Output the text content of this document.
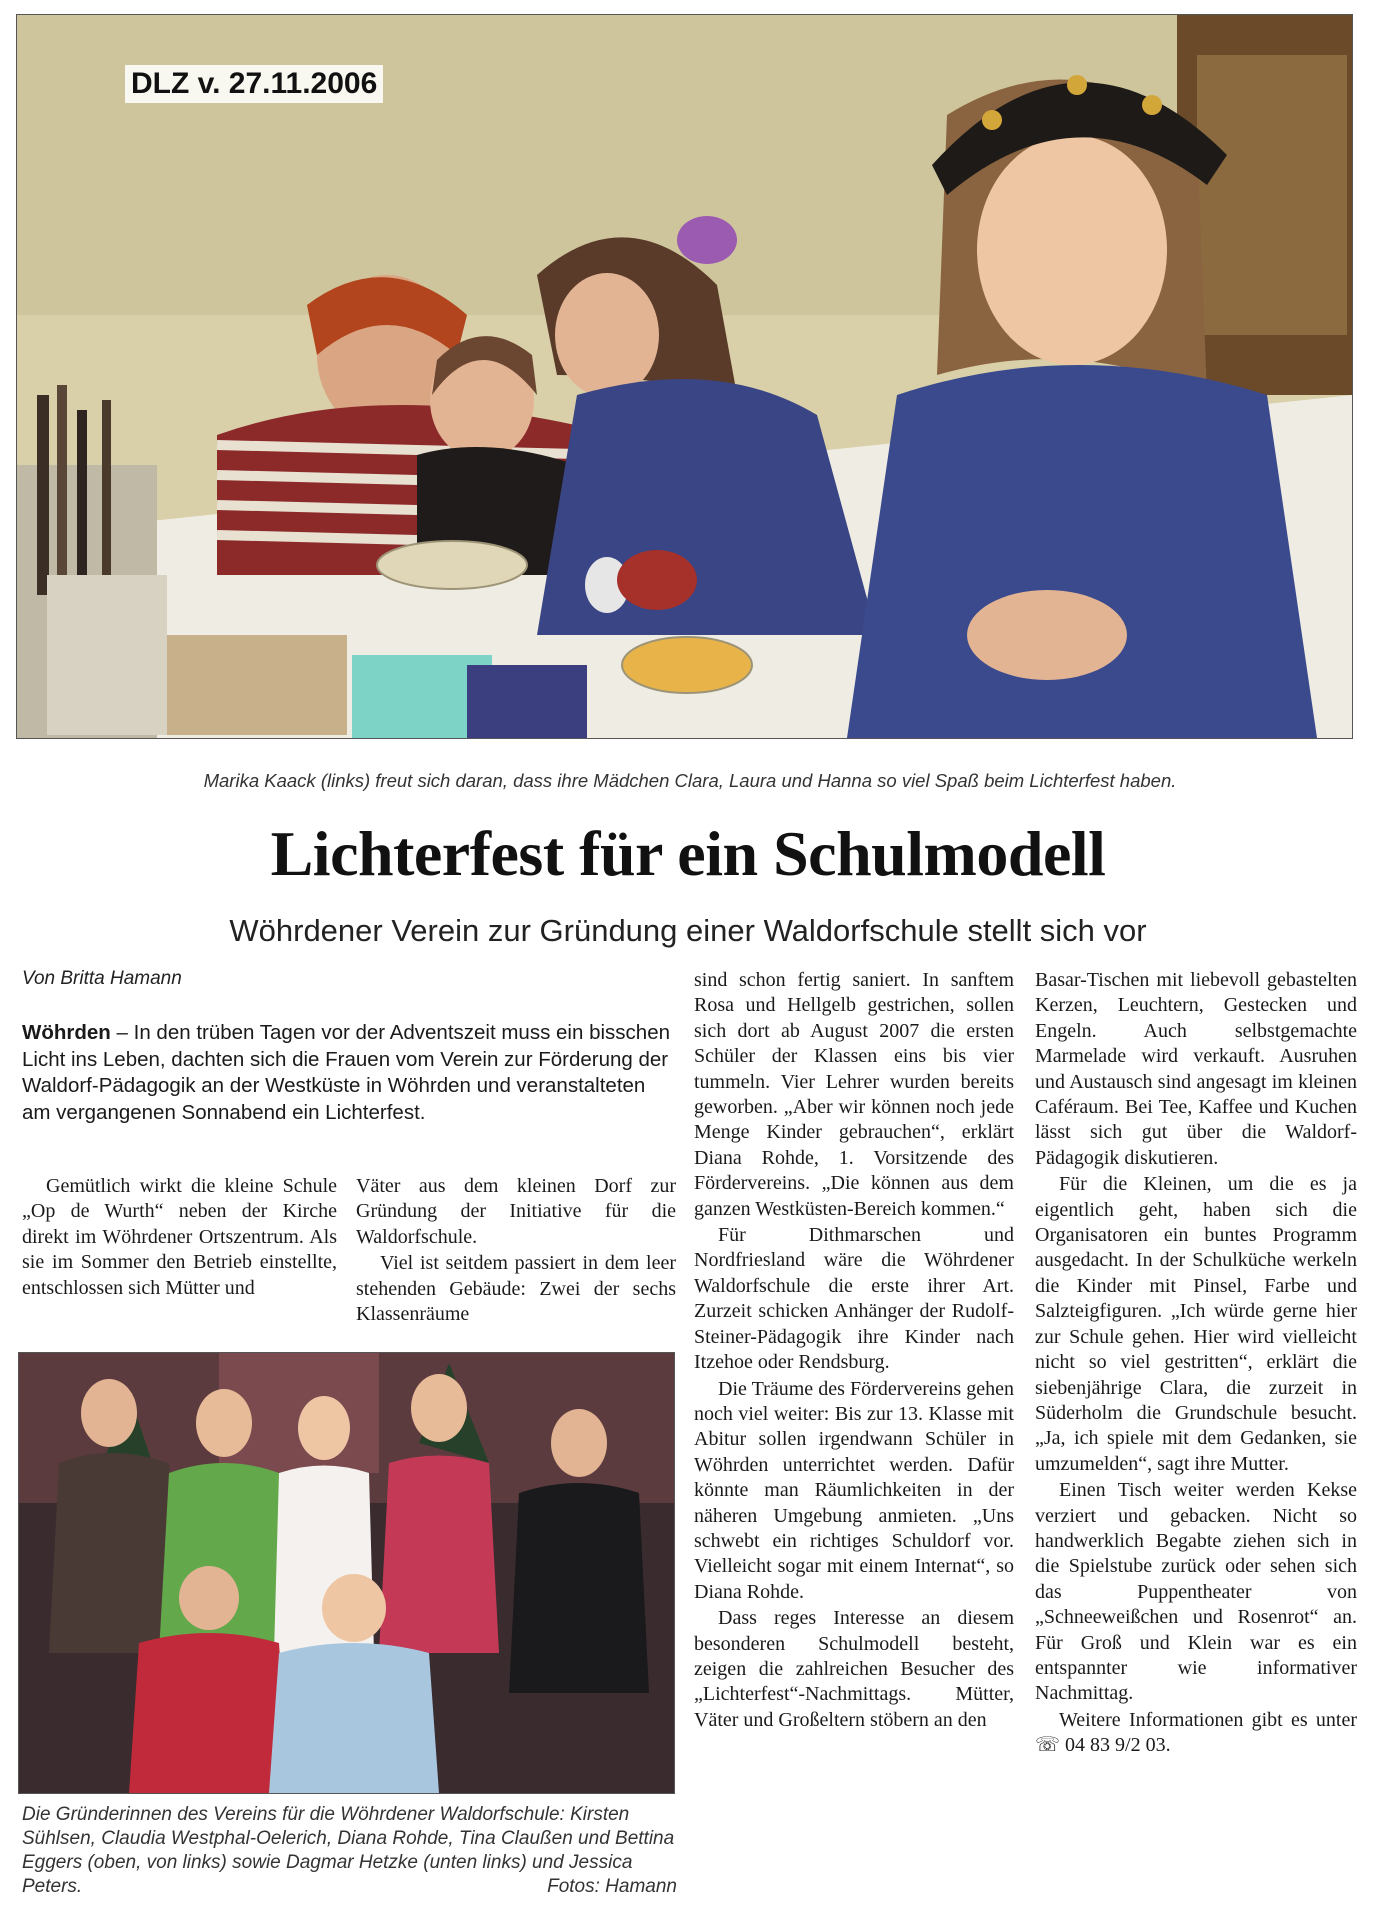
DLZ v. 27.11.2006
Marika Kaack (links) freut sich daran, dass ihre Mädchen Clara, Laura und Hanna so viel Spaß beim Lichterfest haben.
Lichterfest für ein Schulmodell
Wöhrdener Verein zur Gründung einer Waldorfschule stellt sich vor
Von Britta Hamann
Wöhrden – In den trüben Tagen vor der Adventszeit muss ein bisschen Licht ins Leben, dachten sich die Frauen vom Verein zur Förderung der Waldorf-Pädagogik an der Westküste in Wöhrden und veranstalteten am vergangenen Sonnabend ein Lichterfest.

Gemütlich wirkt die kleine Schule „Op de Wurth“ neben der Kirche direkt im Wöhrdener Ortszentrum. Als sie im Sommer den Betrieb einstellte, entschlossen sich Mütter und

Väter aus dem kleinen Dorf zur Gründung der Initiative für die Waldorfschule.

Viel ist seitdem passiert in dem leer stehenden Gebäude: Zwei der sechs Klassenräume

Die Gründerinnen des Vereins für die Wöhrdener Waldorfschule: Kirsten Sühlsen, Claudia Westphal-Oelerich, Diana Rohde, Tina Claußen und Bettina Eggers (oben, von links) sowie Dagmar Hetzke (unten links) und Jessica Peters.	Fotos: Hamann

sind schon fertig saniert. In sanftem Rosa und Hellgelb gestrichen, sollen sich dort ab August 2007 die ersten Schüler der Klassen eins bis vier tummeln. Vier Lehrer wurden bereits geworben. „Aber wir können noch jede Menge Kinder gebrauchen“, erklärt Diana Rohde, 1. Vorsitzende des Fördervereins. „Die können aus dem ganzen Westküsten-Bereich kommen.“

Für Dithmarschen und Nordfriesland wäre die Wöhrdener Waldorfschule die erste ihrer Art. Zurzeit schicken Anhänger der Rudolf-Steiner-Pädagogik ihre Kinder nach Itzehoe oder Rendsburg.

Die Träume des Fördervereins gehen noch viel weiter: Bis zur 13. Klasse mit Abitur sollen irgendwann Schüler in Wöhrden unterrichtet werden. Dafür könnte man Räumlichkeiten in der näheren Umgebung anmieten. „Uns schwebt ein richtiges Schuldorf vor. Vielleicht sogar mit einem Internat“, so Diana Rohde.

Dass reges Interesse an diesem besonderen Schulmodell besteht, zeigen die zahlreichen Besucher des „Lichterfest“-Nachmittags. Mütter, Väter und Großeltern stöbern an den

Basar-Tischen mit liebevoll gebastelten Kerzen, Leuchtern, Gestecken und Engeln. Auch selbstgemachte Marmelade wird verkauft. Ausruhen und Austausch sind angesagt im kleinen Caféraum. Bei Tee, Kaffee und Kuchen lässt sich gut über die Waldorf-Pädagogik diskutieren.

Für die Kleinen, um die es ja eigentlich geht, haben sich die Organisatoren ein buntes Programm ausgedacht. In der Schulküche werkeln die Kinder mit Pinsel, Farbe und Salzteigfiguren. „Ich würde gerne hier zur Schule gehen. Hier wird vielleicht nicht so viel gestritten“, erklärt die siebenjährige Clara, die zurzeit in Süderholm die Grundschule besucht. „Ja, ich spiele mit dem Gedanken, sie umzumelden“, sagt ihre Mutter.

Einen Tisch weiter werden Kekse verziert und gebacken. Nicht so handwerklich Begabte ziehen sich in die Spielstube zurück oder sehen sich das Puppentheater von „Schneeweißchen und Rosenrot“ an. Für Groß und Klein war es ein entspannter wie informativer Nachmittag.

Weitere Informationen gibt es unter ☏ 04 83 9/2 03.
